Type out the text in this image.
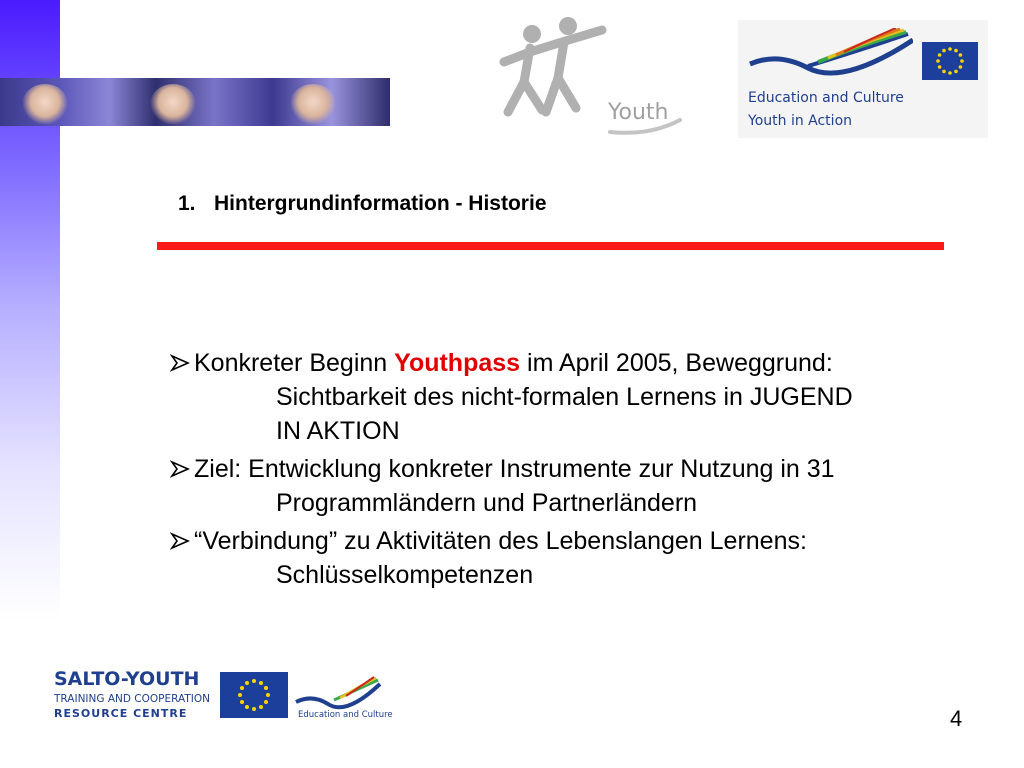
Youth
Education and Culture
Youth in Action
1. Hintergrundinformation - Historie
Konkreter Beginn Youthpass im April 2005, Beweggrund:
Sichtbarkeit des nicht-formalen Lernens in JUGEND
IN AKTION
Ziel: Entwicklung konkreter Instrumente zur Nutzung in 31
Programmländern und Partnerländern
“Verbindung” zu Aktivitäten des Lebenslangen Lernens:
Schlüsselkompetenzen
SALTO-YOUTH
TRAINING AND COOPERATION
RESOURCE CENTRE	Education and Culture	4
